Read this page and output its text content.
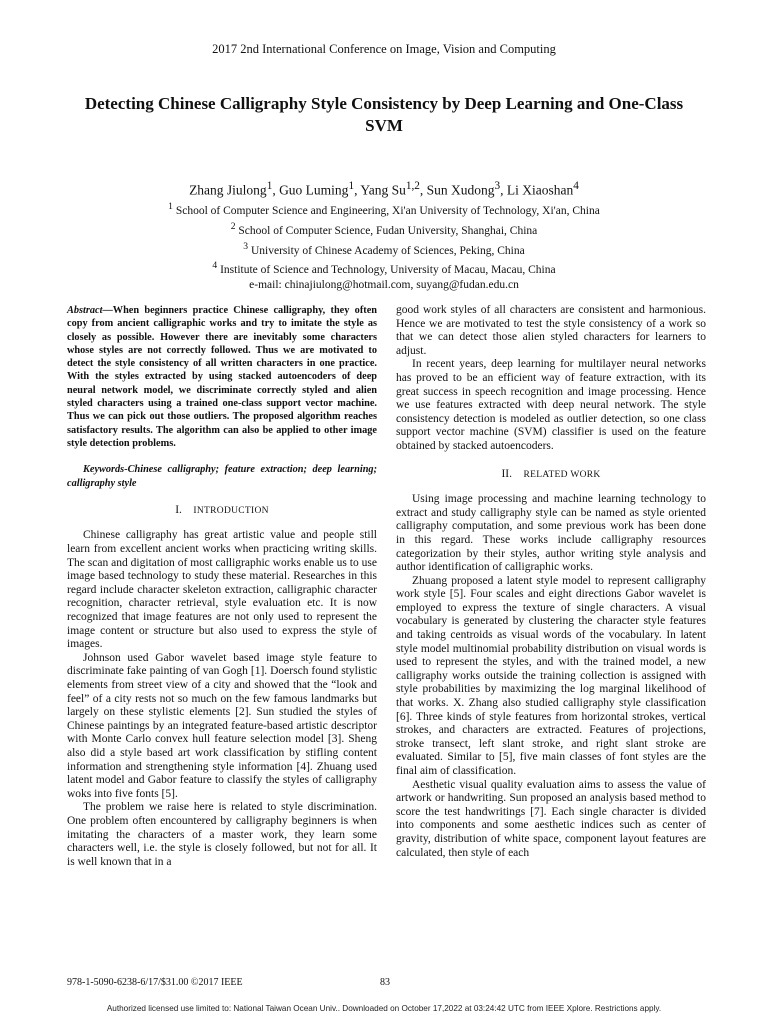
2017 2nd International Conference on Image, Vision and Computing
Detecting Chinese Calligraphy Style Consistency by Deep Learning and One-Class
SVM
Zhang Jiulong$^1$, Guo Luming$^1$, Yang Su$^{1,2}$, Sun Xudong$^3$, Li Xiaoshan$^4$
$^1$ School of Computer Science and Engineering, Xi'an University of Technology, Xi'an, China
$^2$ School of Computer Science, Fudan University, Shanghai, China
$^3$ University of Chinese Academy of Sciences, Peking, China
$^4$ Institute of Science and Technology, University of Macau, Macau, China
e-mail: chinajiulong@hotmail.com, suyang@fudan.edu.cn

Abstract—When beginners practice Chinese calligraphy, they often copy from ancient calligraphic works and try to imitate the style as closely as possible. However there are inevitably some characters whose styles are not correctly followed. Thus we are motivated to detect the style consistency of all written characters in one practice. With the styles extracted by using stacked autoencoders of deep neural network model, we discriminate correctly styled and alien styled characters using a trained one-class support vector machine. Thus we can pick out those outliers. The proposed algorithm reaches satisfactory results. The algorithm can also be applied to other image style detection problems.

Keywords-Chinese calligraphy; feature extraction; deep learning; calligraphy style

I. INTRODUCTION

Chinese calligraphy has great artistic value and people still learn from excellent ancient works when practicing writing skills. The scan and digitation of most calligraphic works enable us to use image based technology to study these material. Researches in this regard include character skeleton extraction, calligraphic character recognition, character retrieval, style evaluation etc. It is now recognized that image features are not only used to represent the image content or structure but also used to express the style of images.

Johnson used Gabor wavelet based image style feature to discriminate fake painting of van Gogh [1]. Doersch found stylistic elements from street view of a city and showed that the “look and feel” of a city rests not so much on the few famous landmarks but largely on these stylistic elements [2]. Sun studied the styles of Chinese paintings by an integrated feature-based artistic descriptor with Monte Carlo convex hull feature selection model [3]. Sheng also did a style based art work classification by stifling content information and strengthening style information [4]. Zhuang used latent model and Gabor feature to classify the styles of calligraphy woks into five fonts [5].

The problem we raise here is related to style discrimination. One problem often encountered by calligraphy beginners is when imitating the characters of a master work, they learn some characters well, i.e. the style is closely followed, but not for all. It is well known that in a

good work styles of all characters are consistent and harmonious. Hence we are motivated to test the style consistency of a work so that we can detect those alien styled characters for learners to adjust.

In recent years, deep learning for multilayer neural networks has proved to be an efficient way of feature extraction, with its great success in speech recognition and image processing. Hence we use features extracted with deep neural network. The style consistency detection is modeled as outlier detection, so one class support vector machine (SVM) classifier is used on the feature obtained by stacked autoencoders.

II. RELATED WORK

Using image processing and machine learning technology to extract and study calligraphy style can be named as style oriented calligraphy computation, and some previous work has been done in this regard. These works include calligraphy resources categorization by their styles, author writing style analysis and author identification of calligraphic works.

Zhuang proposed a latent style model to represent calligraphy work style [5]. Four scales and eight directions Gabor wavelet is employed to express the texture of single characters. A visual vocabulary is generated by clustering the character style features and taking centroids as visual words of the vocabulary. In latent style model multinomial probability distribution on visual words is used to represent the styles, and with the trained model, a new calligraphy works outside the training collection is assigned with style probabilities by maximizing the log marginal likelihood of that works. X. Zhang also studied calligraphy style classification [6]. Three kinds of style features from horizontal strokes, vertical strokes, and characters are extracted. Features of projections, stroke transect, left slant stroke, and right slant stroke are evaluated. Similar to [5], five main classes of font styles are the final aim of classification.

Aesthetic visual quality evaluation aims to assess the value of artwork or handwriting. Sun proposed an analysis based method to score the test handwritings [7]. Each single character is divided into components and some aesthetic indices such as center of gravity, distribution of white space, component layout features are calculated, then style of each

978-1-5090-6238-6/17/$31.00 ©2017 IEEE	83
Authorized licensed use limited to: National Taiwan Ocean Univ.. Downloaded on October 17,2022 at 03:24:42 UTC from IEEE Xplore. Restrictions apply.
